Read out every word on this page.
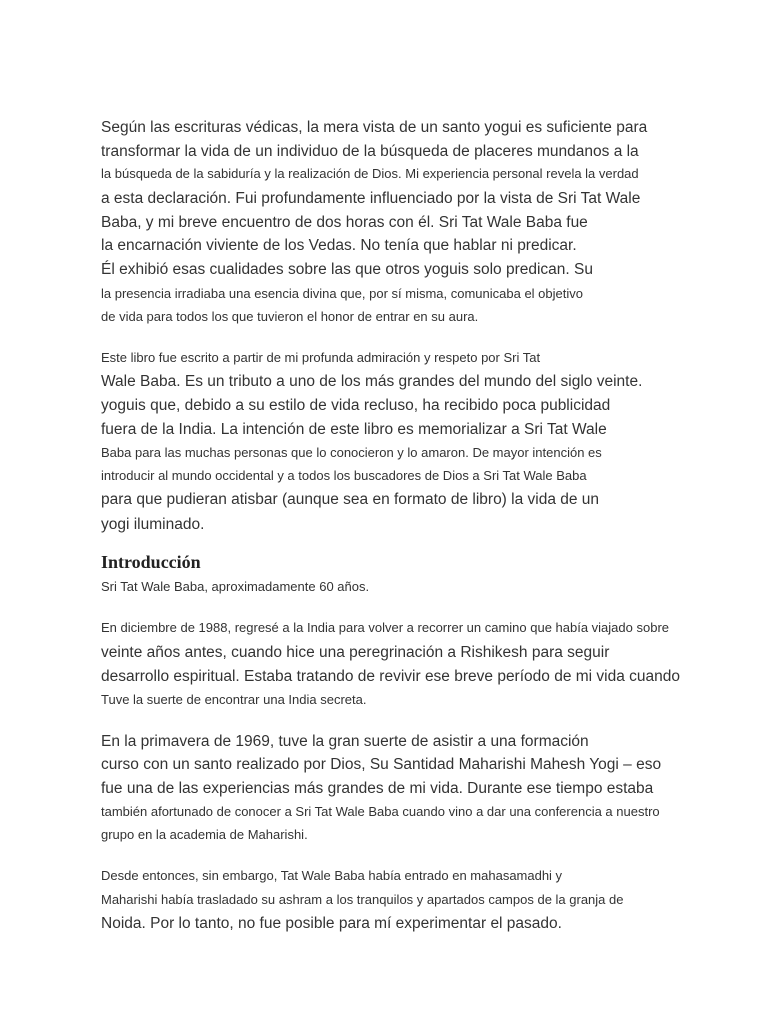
Según las escrituras védicas, la mera vista de un santo yogui es suficiente para
transformar la vida de un individuo de la búsqueda de placeres mundanos a la
la búsqueda de la sabiduría y la realización de Dios. Mi experiencia personal revela la verdad
a esta declaración. Fui profundamente influenciado por la vista de Sri Tat Wale
Baba, y mi breve encuentro de dos horas con él. Sri Tat Wale Baba fue
la encarnación viviente de los Vedas. No tenía que hablar ni predicar.
Él exhibió esas cualidades sobre las que otros yoguis solo predican. Su
la presencia irradiaba una esencia divina que, por sí misma, comunicaba el objetivo
de vida para todos los que tuvieron el honor de entrar en su aura.
Este libro fue escrito a partir de mi profunda admiración y respeto por Sri Tat
Wale Baba. Es un tributo a uno de los más grandes del mundo del siglo veinte.
yoguis que, debido a su estilo de vida recluso, ha recibido poca publicidad
fuera de la India. La intención de este libro es memorializar a Sri Tat Wale
Baba para las muchas personas que lo conocieron y lo amaron. De mayor intención es
introducir al mundo occidental y a todos los buscadores de Dios a Sri Tat Wale Baba
para que pudieran atisbar (aunque sea en formato de libro) la vida de un
yogi iluminado.
Introducción
Sri Tat Wale Baba, aproximadamente 60 años.
En diciembre de 1988, regresé a la India para volver a recorrer un camino que había viajado sobre
veinte años antes, cuando hice una peregrinación a Rishikesh para seguir
desarrollo espiritual. Estaba tratando de revivir ese breve período de mi vida cuando
Tuve la suerte de encontrar una India secreta.
En la primavera de 1969, tuve la gran suerte de asistir a una formación
curso con un santo realizado por Dios, Su Santidad Maharishi Mahesh Yogi – eso
fue una de las experiencias más grandes de mi vida. Durante ese tiempo estaba
también afortunado de conocer a Sri Tat Wale Baba cuando vino a dar una conferencia a nuestro
grupo en la academia de Maharishi.
Desde entonces, sin embargo, Tat Wale Baba había entrado en mahasamadhi y
Maharishi había trasladado su ashram a los tranquilos y apartados campos de la granja de
Noida. Por lo tanto, no fue posible para mí experimentar el pasado.
